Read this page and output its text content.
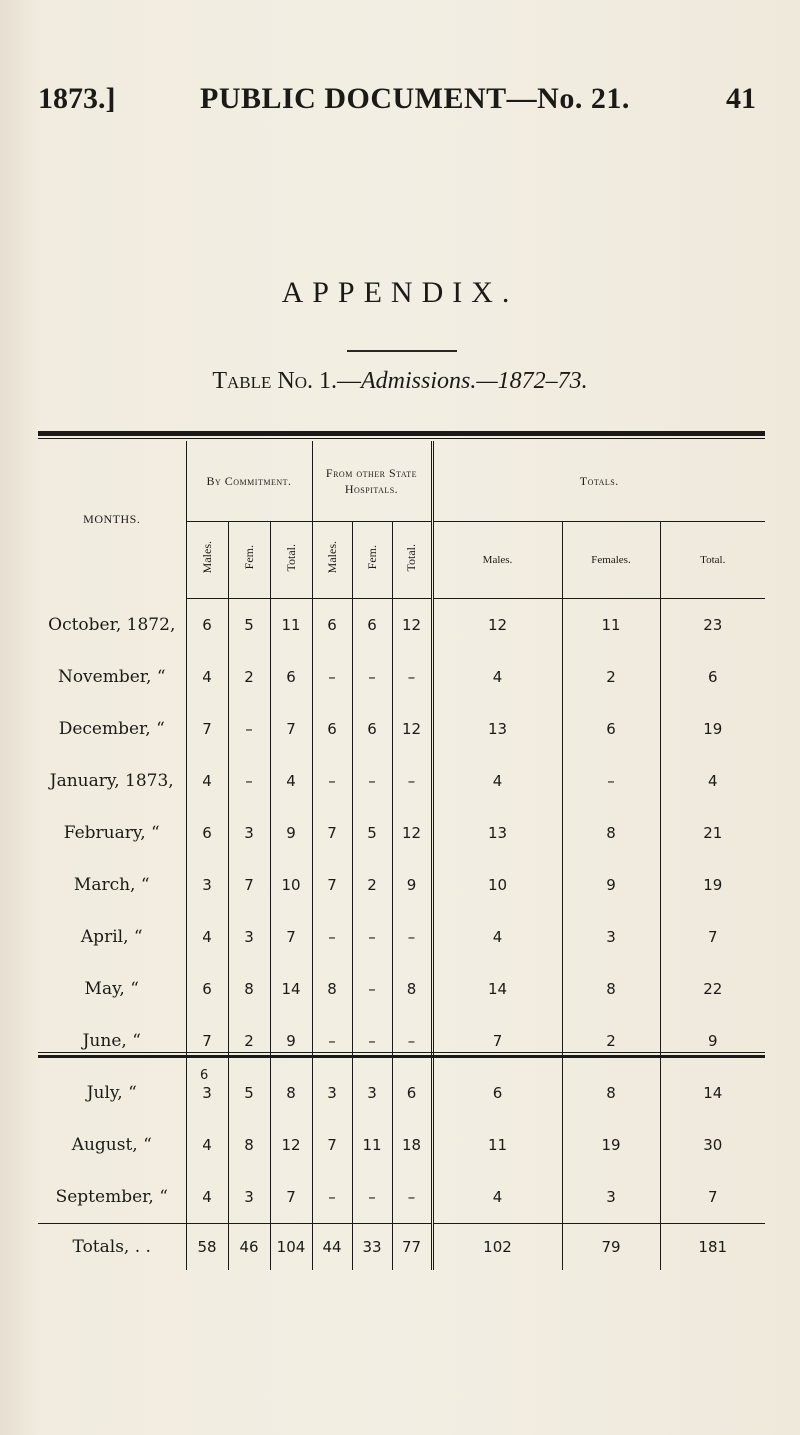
1873.]	PUBLIC DOCUMENT—No. 21.	41
APPENDIX.
Table No. 1.—Admissions.—1872–73.
MONTHS.	By Commitment.			From other State Hospitals.			Totals.		
	Males.	Fem.	Total.	Males.	Fem.	Total.	Males.	Females.	Total.
October, 1872,	6	5	11	6	6	12	12	11	23
November, “	4	2	6	–	–	–	4	2	6
December, “	7	–	7	6	6	12	13	6	19
January, 1873,	4	–	4	–	–	–	4	–	4
February, “	6	3	9	7	5	12	13	8	21
March, “	3	7	10	7	2	9	10	9	19
April, “	4	3	7	–	–	–	4	3	7
May, “	6	8	14	8	–	8	14	8	22
June, “	7	2	9	–	–	–	7	2	9
July, “	3	5	8	3	3	6	6	8	14
August, “	4	8	12	7	11	18	11	19	30
September, “	4	3	7	–	–	–	4	3	7
Totals, . .	58	46	104	44	33	77	102	79	181
6
